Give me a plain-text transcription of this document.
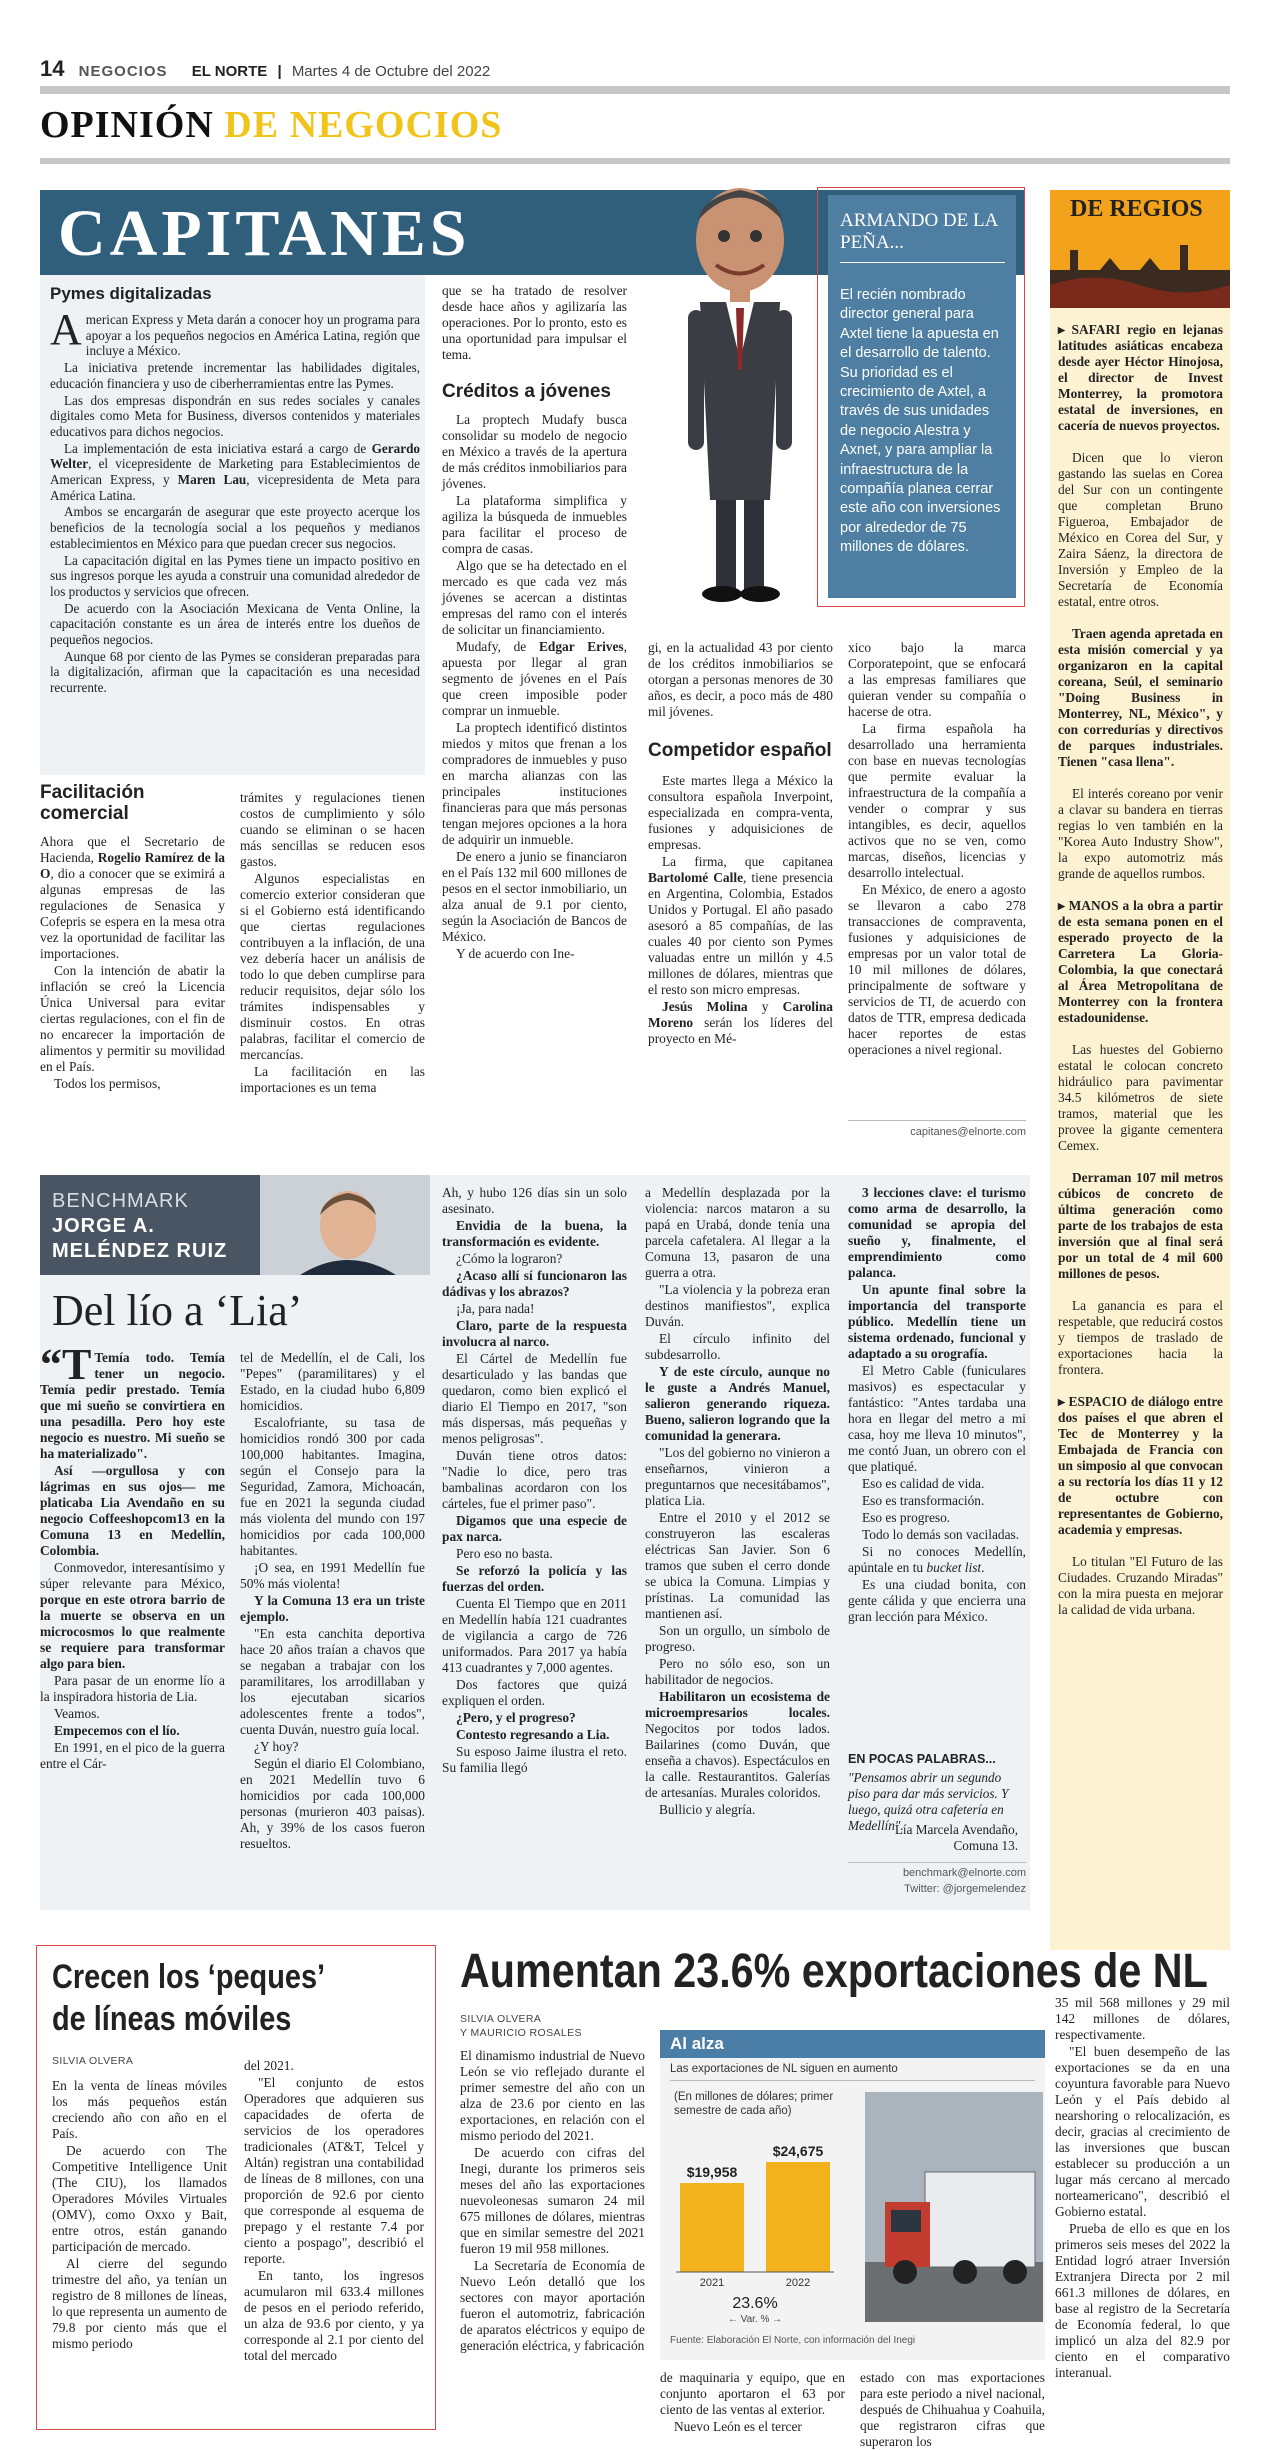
14 NEGOCIOS EL NORTE | Martes 4 de Octubre del 2022
OPINIÓN DE NEGOCIOS
CAPITANES	ARMANDO DE LA PEÑA...
El recién nombrado director general para Axtel tiene la apuesta en el desarrollo de talento. Su prioridad es el crecimiento de Axtel, a través de sus unidades de negocio Alestra y Axnet, y para ampliar la infraestructura de la compañía planea cerrar este año con inversiones por alrededor de 75 millones de dólares.
Pymes digitalizadas

American Express y Meta darán a conocer hoy un programa para apoyar a los pequeños negocios en América Latina, región que incluye a México.

La iniciativa pretende incrementar las habilidades digitales, educación financiera y uso de ciberherramientas entre las Pymes.

Las dos empresas dispondrán en sus redes sociales y canales digitales como Meta for Business, diversos contenidos y materiales educativos para dichos negocios.

La implementación de esta iniciativa estará a cargo de Gerardo Welter, el vicepresidente de Marketing para Establecimientos de American Express, y Maren Lau, vicepresidenta de Meta para América Latina.

Ambos se encargarán de asegurar que este proyecto acerque los beneficios de la tecnología social a los pequeños y medianos establecimientos en México para que puedan crecer sus negocios.

La capacitación digital en las Pymes tiene un impacto positivo en sus ingresos porque les ayuda a construir una comunidad alrededor de los productos y servicios que ofrecen.

De acuerdo con la Asociación Mexicana de Venta Online, la capacitación constante es un área de interés entre los dueños de pequeños negocios.

Aunque 68 por ciento de las Pymes se consideran preparadas para la digitalización, afirman que la capacitación es una necesidad recurrente.

que se ha tratado de resolver desde hace años y agilizaría las operaciones. Por lo pronto, esto es una oportunidad para impulsar el tema.

Créditos a jóvenes

La proptech Mudafy busca consolidar su modelo de negocio en México a través de la apertura de más créditos inmobiliarios para jóvenes.

La plataforma simplifica y agiliza la búsqueda de inmuebles para facilitar el proceso de compra de casas.

Algo que se ha detectado en el mercado es que cada vez más jóvenes se acercan a distintas empresas del ramo con el interés de solicitar un financiamiento.

Mudafy, de Edgar Erives, apuesta por llegar al gran segmento de jóvenes en el País que creen imposible poder comprar un inmueble.

La proptech identificó distintos miedos y mitos que frenan a los compradores de inmuebles y puso en marcha alianzas con las principales instituciones financieras para que más personas tengan mejores opciones a la hora de adquirir un inmueble.

De enero a junio se financiaron en el País 132 mil 600 millones de pesos en el sector inmobiliario, un alza anual de 9.1 por ciento, según la Asociación de Bancos de México.

Y de acuerdo con Ine-

Facilitación comercial

Ahora que el Secretario de Hacienda, Rogelio Ramírez de la O, dio a conocer que se eximirá a algunas empresas de las regulaciones de Senasica y Cofepris se espera en la mesa otra vez la oportunidad de facilitar las importaciones.

Con la intención de abatir la inflación se creó la Licencia Única Universal para evitar ciertas regulaciones, con el fin de no encarecer la importación de alimentos y permitir su movilidad en el País.

Todos los permisos,

trámites y regulaciones tienen costos de cumplimiento y sólo cuando se eliminan o se hacen más sencillas se reducen esos gastos.

Algunos especialistas en comercio exterior consideran que si el Gobierno está identificando que ciertas regulaciones contribuyen a la inflación, de una vez debería hacer un análisis de todo lo que deben cumplirse para reducir requisitos, dejar sólo los trámites indispensables y disminuir costos. En otras palabras, facilitar el comercio de mercancías.

La facilitación en las importaciones es un tema

gi, en la actualidad 43 por ciento de los créditos inmobiliarios se otorgan a personas menores de 30 años, es decir, a poco más de 480 mil jóvenes.

Competidor español

Este martes llega a México la consultora española Inverpoint, especializada en compra-venta, fusiones y adquisiciones de empresas.

La firma, que capitanea Bartolomé Calle, tiene presencia en Argentina, Colombia, Estados Unidos y Portugal. El año pasado asesoró a 85 compañías, de las cuales 40 por ciento son Pymes valuadas entre un millón y 4.5 millones de dólares, mientras que el resto son micro empresas.

Jesús Molina y Carolina Moreno serán los líderes del proyecto en Mé-

xico bajo la marca Corporatepoint, que se enfocará a las empresas familiares que quieran vender su compañía o hacerse de otra.

La firma española ha desarrollado una herramienta con base en nuevas tecnologías que permite evaluar la infraestructura de la compañía a vender o comprar y sus intangibles, es decir, aquellos activos que no se ven, como marcas, diseños, licencias y desarrollo intelectual.

En México, de enero a agosto se llevaron a cabo 278 transacciones de compraventa, fusiones y adquisiciones de empresas por un valor total de 10 mil millones de dólares, principalmente de software y servicios de TI, de acuerdo con datos de TTR, empresa dedicada hacer reportes de estas operaciones a nivel regional.

capitanes@elnorte.com
DE REGIOS

▸ SAFARI regio en lejanas latitudes asiáticas encabeza desde ayer Héctor Hinojosa, el director de Invest Monterrey, la promotora estatal de inversiones, en cacería de nuevos proyectos.

Dicen que lo vieron gastando las suelas en Corea del Sur con un contingente que completan Bruno Figueroa, Embajador de México en Corea del Sur, y Zaira Sáenz, la directora de Inversión y Empleo de la Secretaría de Economía estatal, entre otros.

Traen agenda apretada en esta misión comercial y ya organizaron en la capital coreana, Seúl, el seminario "Doing Business in Monterrey, NL, México", y con corredurías y directivos de parques industriales. Tienen "casa llena".

El interés coreano por venir a clavar su bandera en tierras regias lo ven también en la "Korea Auto Industry Show", la expo automotriz más grande de aquellos rumbos.

▸ MANOS a la obra a partir de esta semana ponen en el esperado proyecto de la Carretera La Gloria-Colombia, la que conectará al Área Metropolitana de Monterrey con la frontera estadounidense.

Las huestes del Gobierno estatal le colocan concreto hidráulico para pavimentar 34.5 kilómetros de siete tramos, material que les provee la gigante cementera Cemex.

Derraman 107 mil metros cúbicos de concreto de última generación como parte de los trabajos de esta inversión que al final será por un total de 4 mil 600 millones de pesos.

La ganancia es para el respetable, que reducirá costos y tiempos de traslado de exportaciones hacia la frontera.

▸ ESPACIO de diálogo entre dos países el que abren el Tec de Monterrey y la Embajada de Francia con un simposio al que convocan a su rectoría los días 11 y 12 de octubre con representantes de Gobierno, academia y empresas.

Lo titulan "El Futuro de las Ciudades. Cruzando Miradas" con la mira puesta en mejorar la calidad de vida urbana.

BENCHMARK
JORGE A.
MELÉNDEZ RUIZ
Del lío a ‘Lia’

“T Temía todo. Temía tener un negocio. Temía pedir prestado. Temía que mi sueño se convirtiera en una pesadilla. Pero hoy este negocio es nuestro. Mi sueño se ha materializado".

Así —orgullosa y con lágrimas en sus ojos— me platicaba Lia Avendaño en su negocio Coffeeshopcom13 en la Comuna 13 en Medellín, Colombia.

Conmovedor, interesantísimo y súper relevante para México, porque en este otrora barrio de la muerte se observa en un microcosmos lo que realmente se requiere para transformar algo para bien.

Para pasar de un enorme lío a la inspiradora historia de Lia.

Veamos.

Empecemos con el lío.

En 1991, en el pico de la guerra entre el Cár-

tel de Medellín, el de Cali, los "Pepes" (paramilitares) y el Estado, en la ciudad hubo 6,809 homicidios.

Escalofriante, su tasa de homicidios rondó 300 por cada 100,000 habitantes. Imagina, según el Consejo para la Seguridad, Zamora, Michoacán, fue en 2021 la segunda ciudad más violenta del mundo con 197 homicidios por cada 100,000 habitantes.

¡O sea, en 1991 Medellín fue 50% más violenta!

Y la Comuna 13 era un triste ejemplo.

"En esta canchita deportiva hace 20 años traían a chavos que se negaban a trabajar con los paramilitares, los arrodillaban y los ejecutaban sicarios adolescentes frente a todos", cuenta Duván, nuestro guía local.

¿Y hoy?

Según el diario El Colombiano, en 2021 Medellín tuvo 6 homicidios por cada 100,000 personas (murieron 403 paisas). Ah, y 39% de los casos fueron resueltos.

Ah, y hubo 126 días sin un solo asesinato.

Envidia de la buena, la transformación es evidente.

¿Cómo la lograron?

¿Acaso allí sí funcionaron las dádivas y los abrazos?

¡Ja, para nada!

Claro, parte de la respuesta involucra al narco.

El Cártel de Medellín fue desarticulado y las bandas que quedaron, como bien explicó el diario El Tiempo en 2017, "son más dispersas, más pequeñas y menos peligrosas".

Duván tiene otros datos: "Nadie lo dice, pero tras bambalinas acordaron con los cárteles, fue el primer paso".

Digamos que una especie de pax narca.

Pero eso no basta.

Se reforzó la policía y las fuerzas del orden.

Cuenta El Tiempo que en 2011 en Medellín había 121 cuadrantes de vigilancia a cargo de 726 uniformados. Para 2017 ya había 413 cuadrantes y 7,000 agentes.

Dos factores que quizá expliquen el orden.

¿Pero, y el progreso?

Contesto regresando a Lia.

Su esposo Jaime ilustra el reto. Su familia llegó

a Medellín desplazada por la violencia: narcos mataron a su papá en Urabá, donde tenía una parcela cafetalera. Al llegar a la Comuna 13, pasaron de una guerra a otra.

"La violencia y la pobreza eran destinos manifiestos", explica Duván.

El círculo infinito del subdesarrollo.

Y de este círculo, aunque no le guste a Andrés Manuel, salieron generando riqueza. Bueno, salieron logrando que la comunidad la generara.

"Los del gobierno no vinieron a enseñarnos, vinieron a preguntarnos que necesitábamos", platica Lia.

Entre el 2010 y el 2012 se construyeron las escaleras eléctricas San Javier. Son 6 tramos que suben el cerro donde se ubica la Comuna. Limpias y prístinas. La comunidad las mantienen así.

Son un orgullo, un símbolo de progreso.

Pero no sólo eso, son un habilitador de negocios.

Habilitaron un ecosistema de microempresarios locales. Negocitos por todos lados. Bailarines (como Duván, que enseña a chavos). Espectáculos en la calle. Restaurantitos. Galerías de artesanías. Murales coloridos.

Bullicio y alegría.

3 lecciones clave: el turismo como arma de desarrollo, la comunidad se apropia del sueño y, finalmente, el emprendimiento como palanca.

Un apunte final sobre la importancia del transporte público. Medellín tiene un sistema ordenado, funcional y adaptado a su orografía.

El Metro Cable (funiculares masivos) es espectacular y fantástico: "Antes tardaba una hora en llegar del metro a mi casa, hoy me lleva 10 minutos", me contó Juan, un obrero con el que platiqué.

Eso es calidad de vida.

Eso es transformación.

Eso es progreso.

Todo lo demás son vaciladas.

Si no conoces Medellín, apúntale en tu bucket list.

Es una ciudad bonita, con gente cálida y que encierra una gran lección para México.

EN POCAS PALABRAS...
"Pensamos abrir un segundo piso para dar más servicios. Y luego, quizá otra cafetería en Medellín".
Lía Marcela Avendaño,
Comuna 13.
benchmark@elnorte.com
Twitter: @jorgemelendez
Crecen los ‘peques’
de líneas móviles
SILVIA OLVERA

En la venta de líneas móviles los más pequeños están creciendo año con año en el País.

De acuerdo con The Competitive Intelligence Unit (The CIU), los llamados Operadores Móviles Virtuales (OMV), como Oxxo y Bait, entre otros, están ganando participación de mercado.

Al cierre del segundo trimestre del año, ya tenían un registro de 8 millones de líneas, lo que representa un aumento de 79.8 por ciento más que el mismo periodo

del 2021.

"El conjunto de estos Operadores que adquieren sus capacidades de oferta de servicios de los operadores tradicionales (AT&T, Telcel y Altán) registran una contabilidad de líneas de 8 millones, con una proporción de 92.6 por ciento que corresponde al esquema de prepago y el restante 7.4 por ciento a pospago", describió el reporte.

En tanto, los ingresos acumularon mil 633.4 millones de pesos en el periodo referido, un alza de 93.6 por ciento, y ya corresponde al 2.1 por ciento del total del mercado

Aumentan 23.6% exportaciones de NL
SILVIA OLVERA
Y MAURICIO ROSALES

El dinamismo industrial de Nuevo León se vio reflejado durante el primer semestre del año con un alza de 23.6 por ciento en las exportaciones, en relación con el mismo periodo del 2021.

De acuerdo con cifras del Inegi, durante los primeros seis meses del año las exportaciones nuevoleonesas sumaron 24 mil 675 millones de dólares, mientras que en similar semestre del 2021 fueron 19 mil 958 millones.

La Secretaría de Economía de Nuevo León detalló que los sectores con mayor aportación fueron el automotriz, fabricación de aparatos eléctricos y equipo de generación eléctrica, y fabricación

Al alza
Las exportaciones de NL siguen en aumento
(En millones de dólares; primer semestre de cada año)
$19,958
2021
$24,675
2022
23.6%
← Var. % →
Fuente: Elaboración El Norte, con información del Inegi

de maquinaria y equipo, que en conjunto aportaron el 63 por ciento de las ventas al exterior.

Nuevo León es el tercer

estado con mas exportaciones para este periodo a nivel nacional, después de Chihuahua y Coahuila, que registraron cifras que superaron los

35 mil 568 millones y 29 mil 142 millones de dólares, respectivamente.

"El buen desempeño de las exportaciones se da en una coyuntura favorable para Nuevo León y el País debido al nearshoring o relocalización, es decir, gracias al crecimiento de las inversiones que buscan establecer su producción a un lugar más cercano al mercado norteamericano", describió el Gobierno estatal.

Prueba de ello es que en los primeros seis meses del 2022 la Entidad logró atraer Inversión Extranjera Directa por 2 mil 661.3 millones de dólares, en base al registro de la Secretaría de Economía federal, lo que implicó un alza del 82.9 por ciento en el comparativo interanual.
